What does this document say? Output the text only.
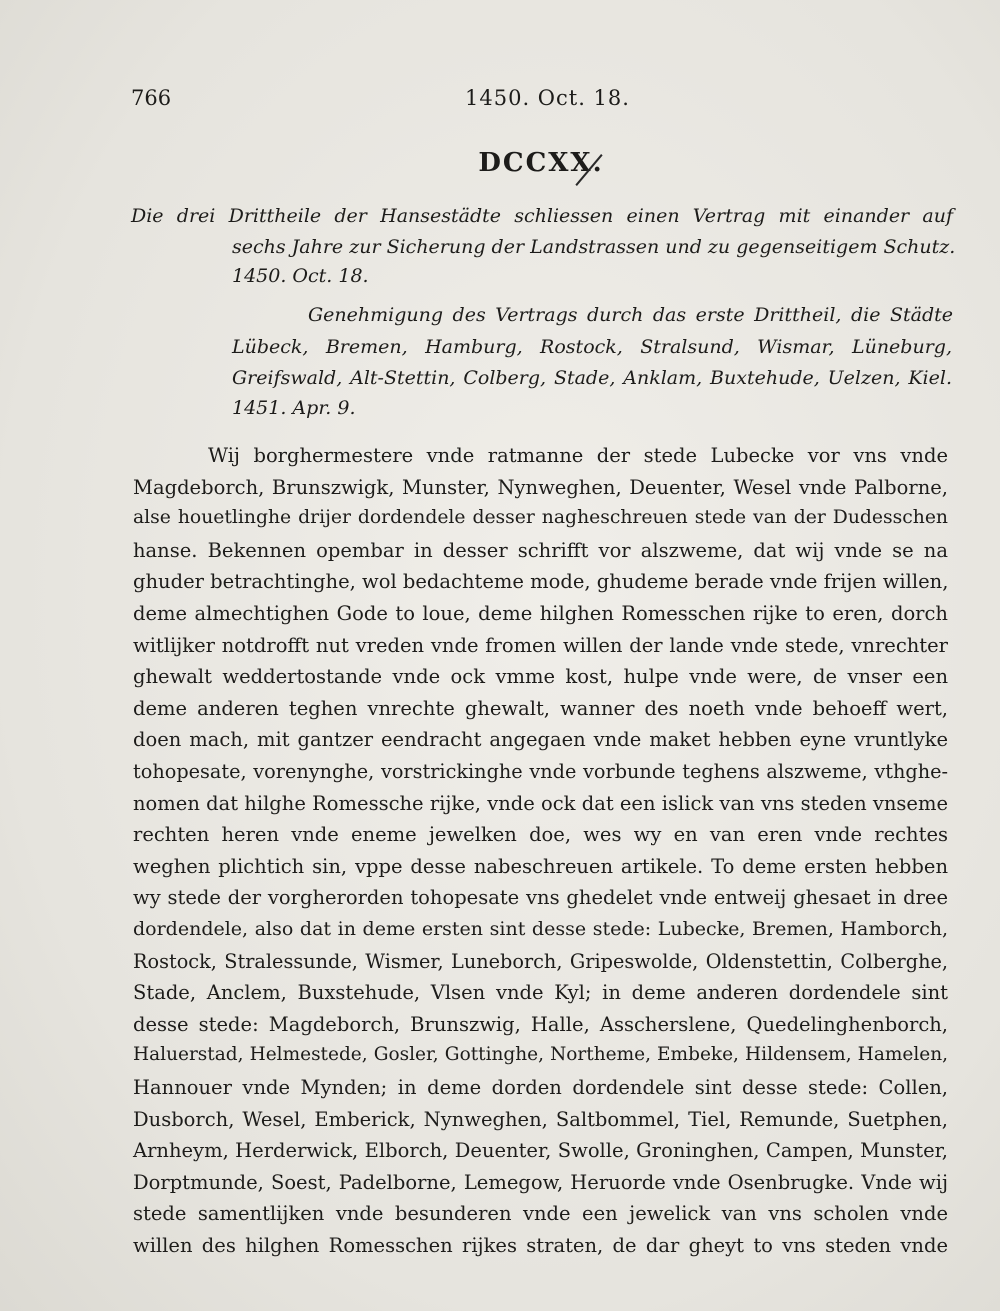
766	1450. Oct. 18.
DCCXX.
Die drei Drittheile der Hansestädte schliessen einen Vertrag mit einander auf
sechs Jahre zur Sicherung der Landstrassen und zu gegenseitigem Schutz.
1450. Oct. 18.
Genehmigung des Vertrags durch das erste Drittheil, die Städte
Lübeck, Bremen, Hamburg, Rostock, Stralsund, Wismar, Lüneburg,
Greifswald, Alt-Stettin, Colberg, Stade, Anklam, Buxtehude, Uelzen, Kiel.
1451. Apr. 9.
Wij borghermestere vnde ratmanne der stede Lubecke vor vns vnde
Magdeborch, Brunszwigk, Munster, Nynweghen, Deuenter, Wesel vnde Palborne,
alse houetlinghe drijer dordendele desser nagheschreuen stede van der Dudesschen
hanse. Bekennen opembar in desser schrifft vor alszweme, dat wij vnde se na
ghuder betrachtinghe, wol bedachteme mode, ghudeme berade vnde frijen willen,
deme almechtighen Gode to loue, deme hilghen Romesschen rijke to eren, dorch
witlijker notdrofft nut vreden vnde fromen willen der lande vnde stede, vnrechter
ghewalt weddertostande vnde ock vmme kost, hulpe vnde were, de vnser een
deme anderen teghen vnrechte ghewalt, wanner des noeth vnde behoeff wert,
doen mach, mit gantzer eendracht angegaen vnde maket hebben eyne vruntlyke
tohopesate, vorenynghe, vorstrickinghe vnde vorbunde teghens alszweme, vthghe-
nomen dat hilghe Romessche rijke, vnde ock dat een islick van vns steden vnseme
rechten heren vnde eneme jewelken doe, wes wy en van eren vnde rechtes
weghen plichtich sin, vppe desse nabeschreuen artikele. To deme ersten hebben
wy stede der vorgherorden tohopesate vns ghedelet vnde entweij ghesaet in dree
dordendele, also dat in deme ersten sint desse stede: Lubecke, Bremen, Hamborch,
Rostock, Stralessunde, Wismer, Luneborch, Gripeswolde, Oldenstettin, Colberghe,
Stade, Anclem, Buxstehude, Vlsen vnde Kyl; in deme anderen dordendele sint
desse stede: Magdeborch, Brunszwig, Halle, Asscherslene, Quedelinghenborch,
Haluerstad, Helmestede, Gosler, Gottinghe, Northeme, Embeke, Hildensem, Hamelen,
Hannouer vnde Mynden; in deme dorden dordendele sint desse stede: Collen,
Dusborch, Wesel, Emberick, Nynweghen, Saltbommel, Tiel, Remunde, Suetphen,
Arnheym, Herderwick, Elborch, Deuenter, Swolle, Groninghen, Campen, Munster,
Dorptmunde, Soest, Padelborne, Lemegow, Heruorde vnde Osenbrugke. Vnde wij
stede samentlijken vnde besunderen vnde een jewelick van vns scholen vnde
willen des hilghen Romesschen rijkes straten, de dar gheyt to vns steden vnde
